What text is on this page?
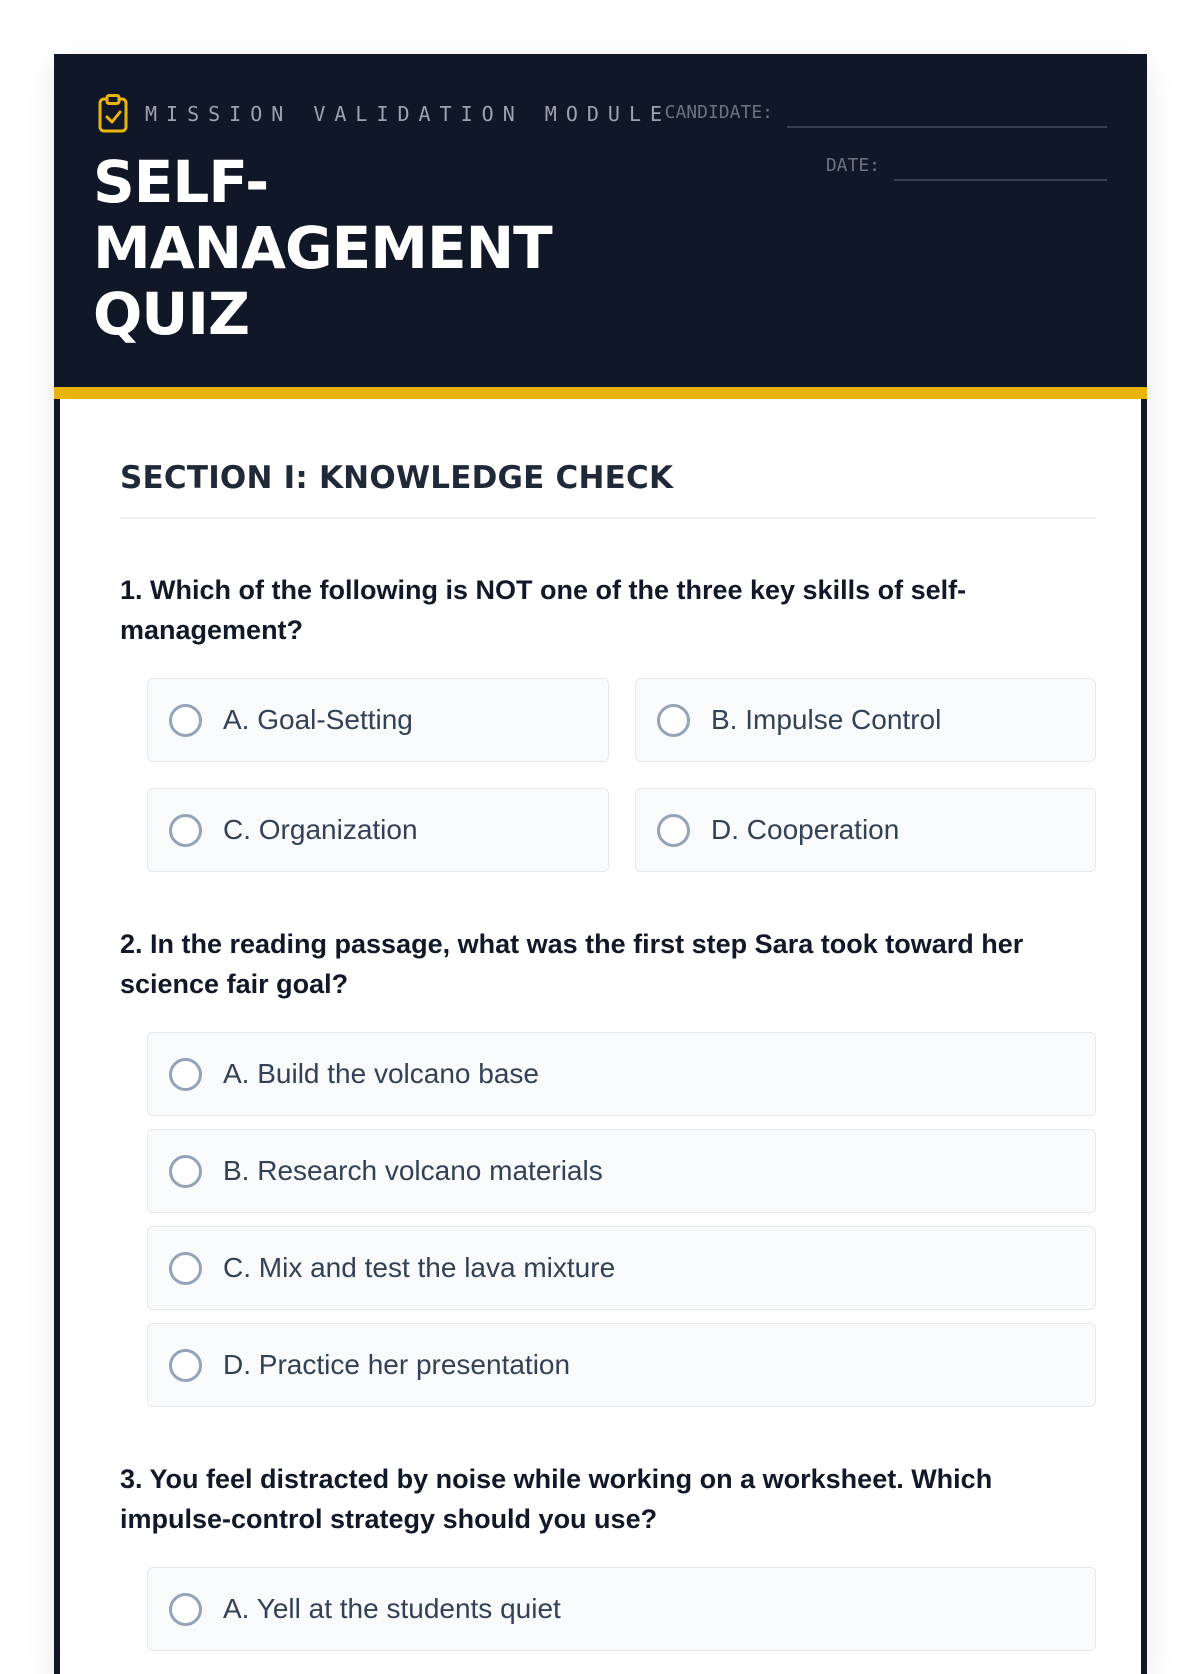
MISSION VALIDATION MODULE
CANDIDATE:
DATE:
SELF-MANAGEMENT QUIZ
SECTION I: KNOWLEDGE CHECK
1. Which of the following is NOT one of the three key skills of self-management?
A. Goal-Setting	B. Impulse Control
C. Organization	D. Cooperation
2. In the reading passage, what was the first step Sara took toward her science fair goal?
A. Build the volcano base
B. Research volcano materials
C. Mix and test the lava mixture
D. Practice her presentation
3. You feel distracted by noise while working on a worksheet. Which impulse-control strategy should you use?
A. Yell at the students quiet
